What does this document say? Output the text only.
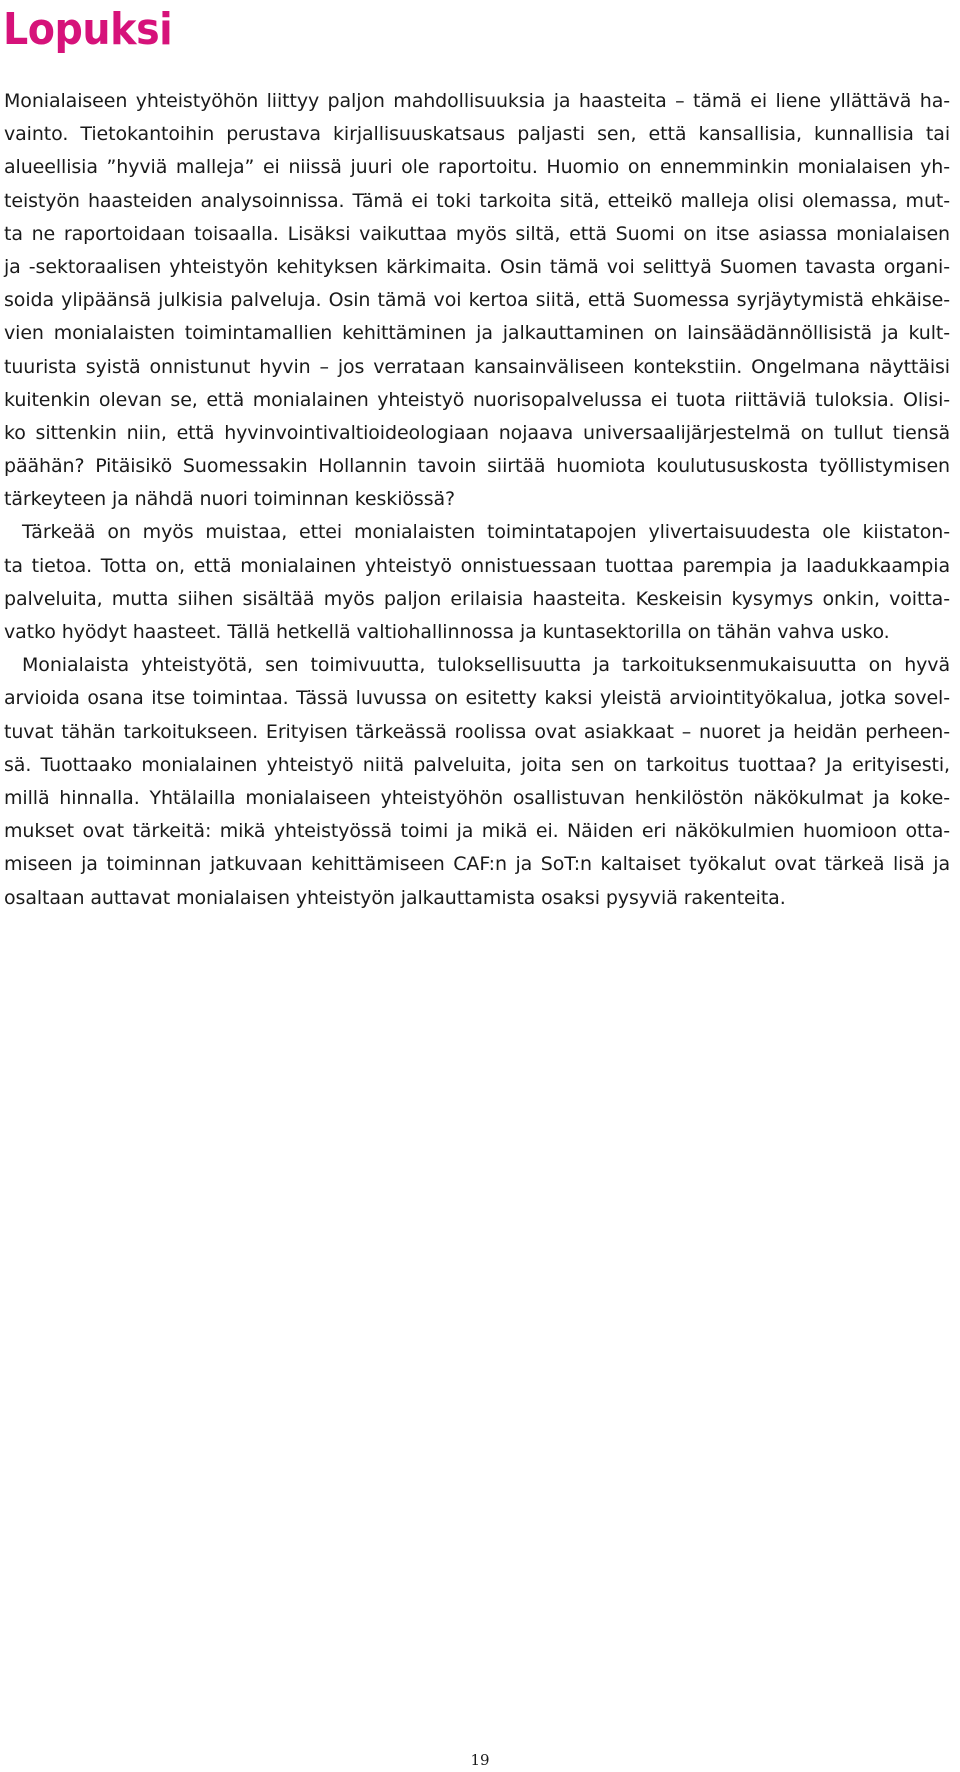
Lopuksi
Monialaiseen yhteistyöhön liittyy paljon mahdollisuuksia ja haasteita – tämä ei liene yllättävä ha-
vainto. Tietokantoihin perustava kirjallisuuskatsaus paljasti sen, että kansallisia, kunnallisia tai
alueellisia ”hyviä malleja” ei niissä juuri ole raportoitu. Huomio on ennemminkin monialaisen yh-
teistyön haasteiden analysoinnissa. Tämä ei toki tarkoita sitä, etteikö malleja olisi olemassa, mut-
ta ne raportoidaan toisaalla. Lisäksi vaikuttaa myös siltä, että Suomi on itse asiassa monialaisen
ja -sektoraalisen yhteistyön kehityksen kärkimaita. Osin tämä voi selittyä Suomen tavasta organi-
soida ylipäänsä julkisia palveluja. Osin tämä voi kertoa siitä, että Suomessa syrjäytymistä ehkäise-
vien monialaisten toimintamallien kehittäminen ja jalkauttaminen on lainsäädännöllisistä ja kult-
tuurista syistä onnistunut hyvin – jos verrataan kansainväliseen kontekstiin. Ongelmana näyttäisi
kuitenkin olevan se, että monialainen yhteistyö nuorisopalvelussa ei tuota riittäviä tuloksia. Olisi-
ko sittenkin niin, että hyvinvointivaltioideologiaan nojaava universaalijärjestelmä on tullut tiensä
päähän? Pitäisikö Suomessakin Hollannin tavoin siirtää huomiota koulutususkosta työllistymisen
tärkeyteen ja nähdä nuori toiminnan keskiössä?
Tärkeää on myös muistaa, ettei monialaisten toimintatapojen ylivertaisuudesta ole kiistaton-
ta tietoa. Totta on, että monialainen yhteistyö onnistuessaan tuottaa parempia ja laadukkaampia
palveluita, mutta siihen sisältää myös paljon erilaisia haasteita. Keskeisin kysymys onkin, voitta-
vatko hyödyt haasteet. Tällä hetkellä valtiohallinnossa ja kuntasektorilla on tähän vahva usko.
Monialaista yhteistyötä, sen toimivuutta, tuloksellisuutta ja tarkoituksenmukaisuutta on hyvä
arvioida osana itse toimintaa. Tässä luvussa on esitetty kaksi yleistä arviointityökalua, jotka sovel-
tuvat tähän tarkoitukseen. Erityisen tärkeässä roolissa ovat asiakkaat – nuoret ja heidän perheen-
sä. Tuottaako monialainen yhteistyö niitä palveluita, joita sen on tarkoitus tuottaa? Ja erityisesti,
millä hinnalla. Yhtälailla monialaiseen yhteistyöhön osallistuvan henkilöstön näkökulmat ja koke-
mukset ovat tärkeitä: mikä yhteistyössä toimi ja mikä ei. Näiden eri näkökulmien huomioon otta-
miseen ja toiminnan jatkuvaan kehittämiseen CAF:n ja SoT:n kaltaiset työkalut ovat tärkeä lisä ja
osaltaan auttavat monialaisen yhteistyön jalkauttamista osaksi pysyviä rakenteita.
19
